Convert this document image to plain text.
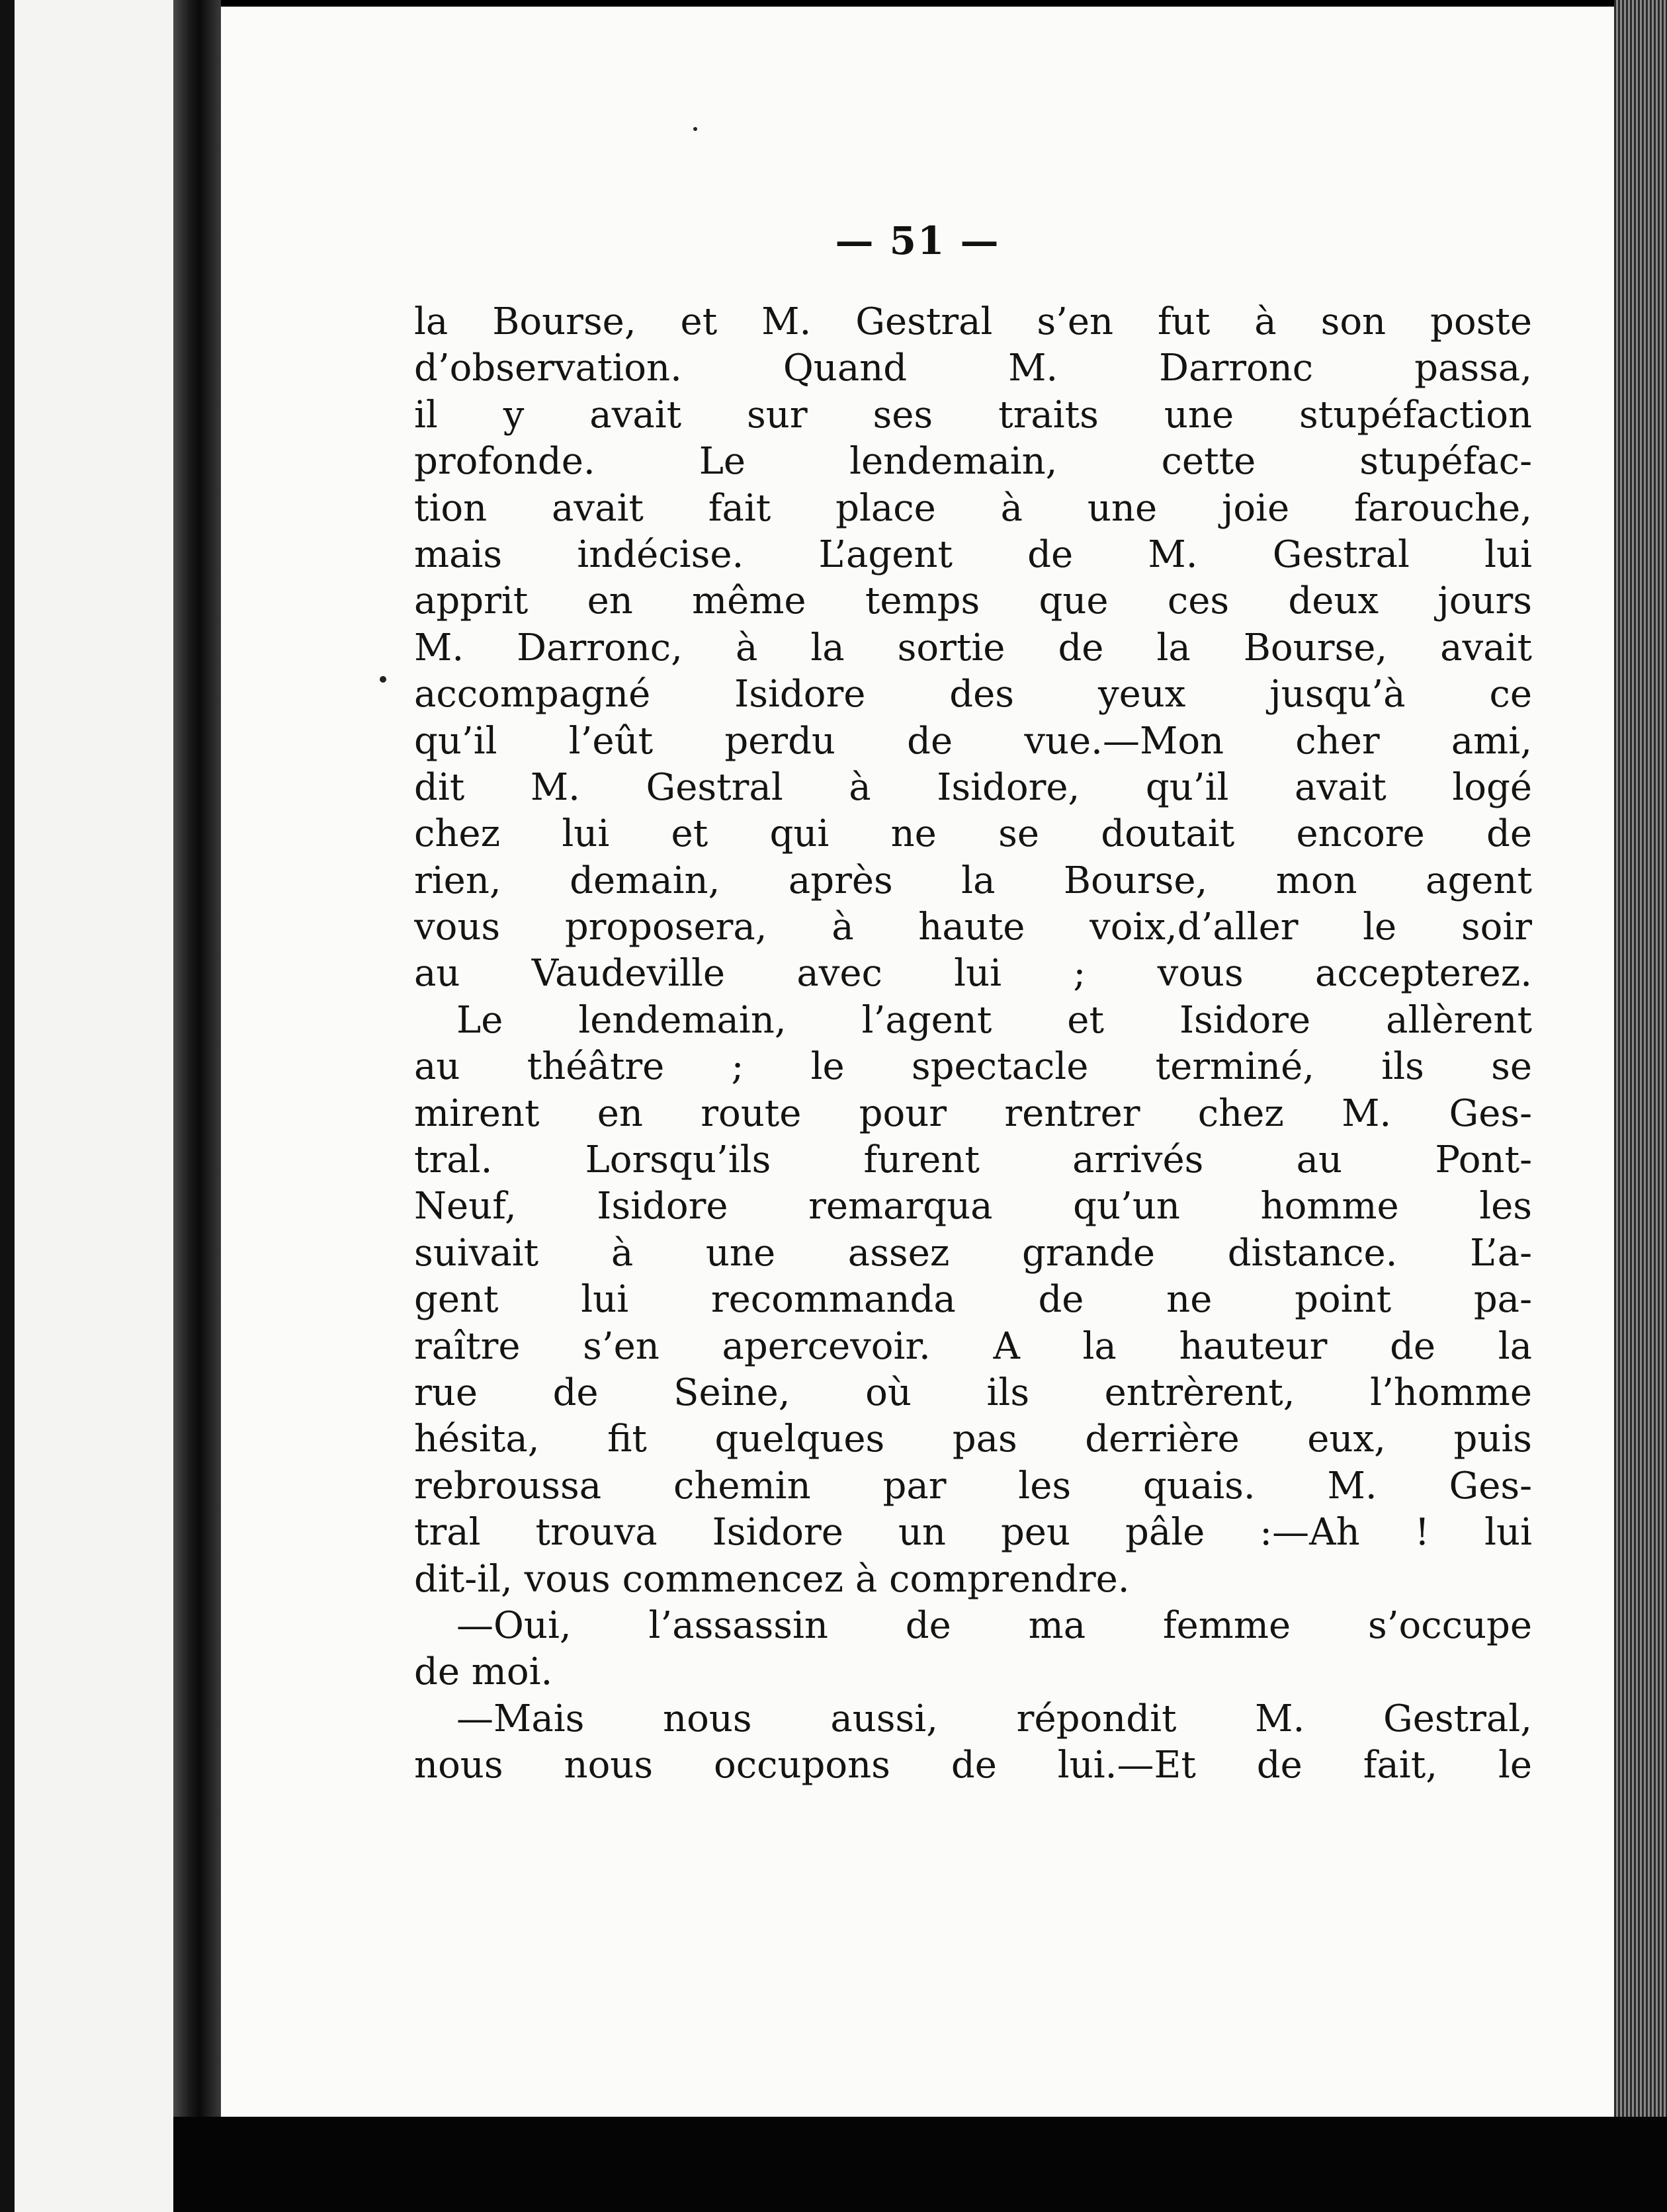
— 51 —
la Bourse, et M. Gestral s’en fut à son poste
d’observation. Quand M. Darronc passa,
il y avait sur ses traits une stupéfaction
profonde. Le lendemain, cette stupéfac-
tion avait fait place à une joie farouche,
mais indécise. L’agent de M. Gestral lui
apprit en même temps que ces deux jours
M. Darronc, à la sortie de la Bourse, avait
accompagné Isidore des yeux jusqu’à ce
qu’il l’eût perdu de vue.—Mon cher ami,
dit M. Gestral à Isidore, qu’il avait logé
chez lui et qui ne se doutait encore de
rien, demain, après la Bourse, mon agent
vous proposera, à haute voix,d’aller le soir
au Vaudeville avec lui ; vous accepterez.
Le lendemain, l’agent et Isidore allèrent
au théâtre ; le spectacle terminé, ils se
mirent en route pour rentrer chez M. Ges-
tral. Lorsqu’ils furent arrivés au Pont-
Neuf, Isidore remarqua qu’un homme les
suivait à une assez grande distance. L’a-
gent lui recommanda de ne point pa-
raître s’en apercevoir. A la hauteur de la
rue de Seine, où ils entrèrent, l’homme
hésita, fit quelques pas derrière eux, puis
rebroussa chemin par les quais. M. Ges-
tral trouva Isidore un peu pâle :—Ah ! lui
dit-il, vous commencez à comprendre.
—Oui, l’assassin de ma femme s’occupe
de moi.
—Mais nous aussi, répondit M. Gestral,
nous nous occupons de lui.—Et de fait, le
